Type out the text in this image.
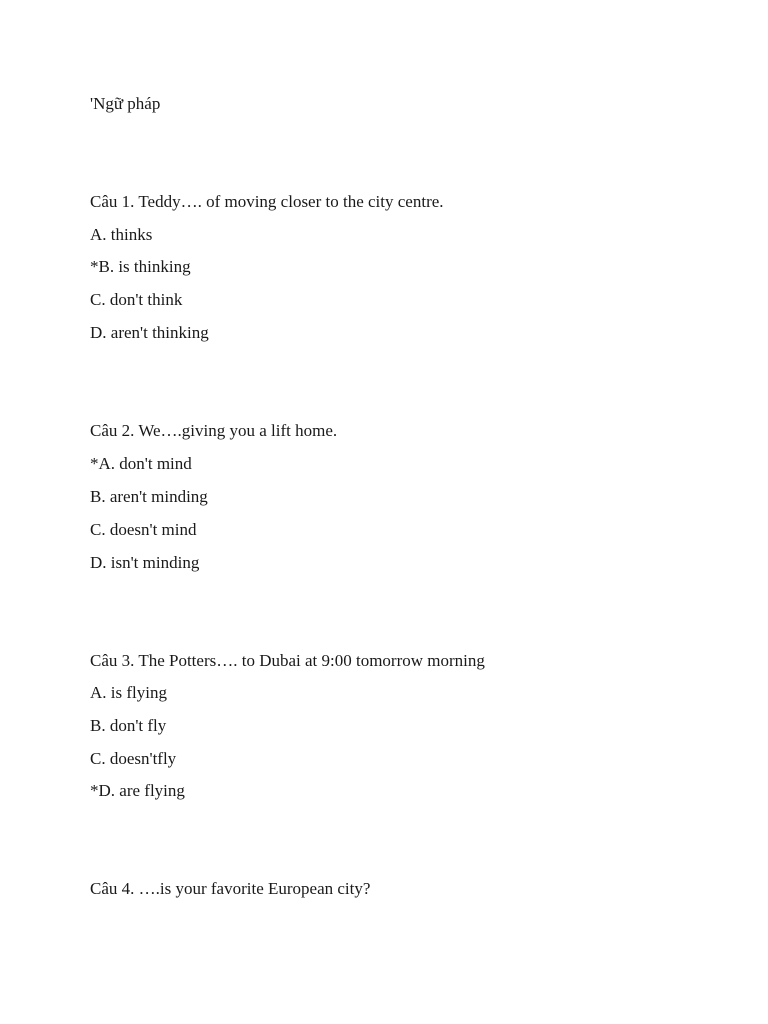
'Ngữ pháp
Câu 1. Teddy…. of moving closer to the city centre.
A. thinks
*B. is thinking
C. don't think
D. aren't thinking
Câu 2. We….giving you a lift home.
*A. don't mind
B. aren't minding
C. doesn't mind
D. isn't minding
Câu 3. The Potters…. to Dubai at 9:00 tomorrow morning
A. is flying
B. don't fly
C. doesn'tfly
*D. are flying
Câu 4. ….is your favorite European city?
